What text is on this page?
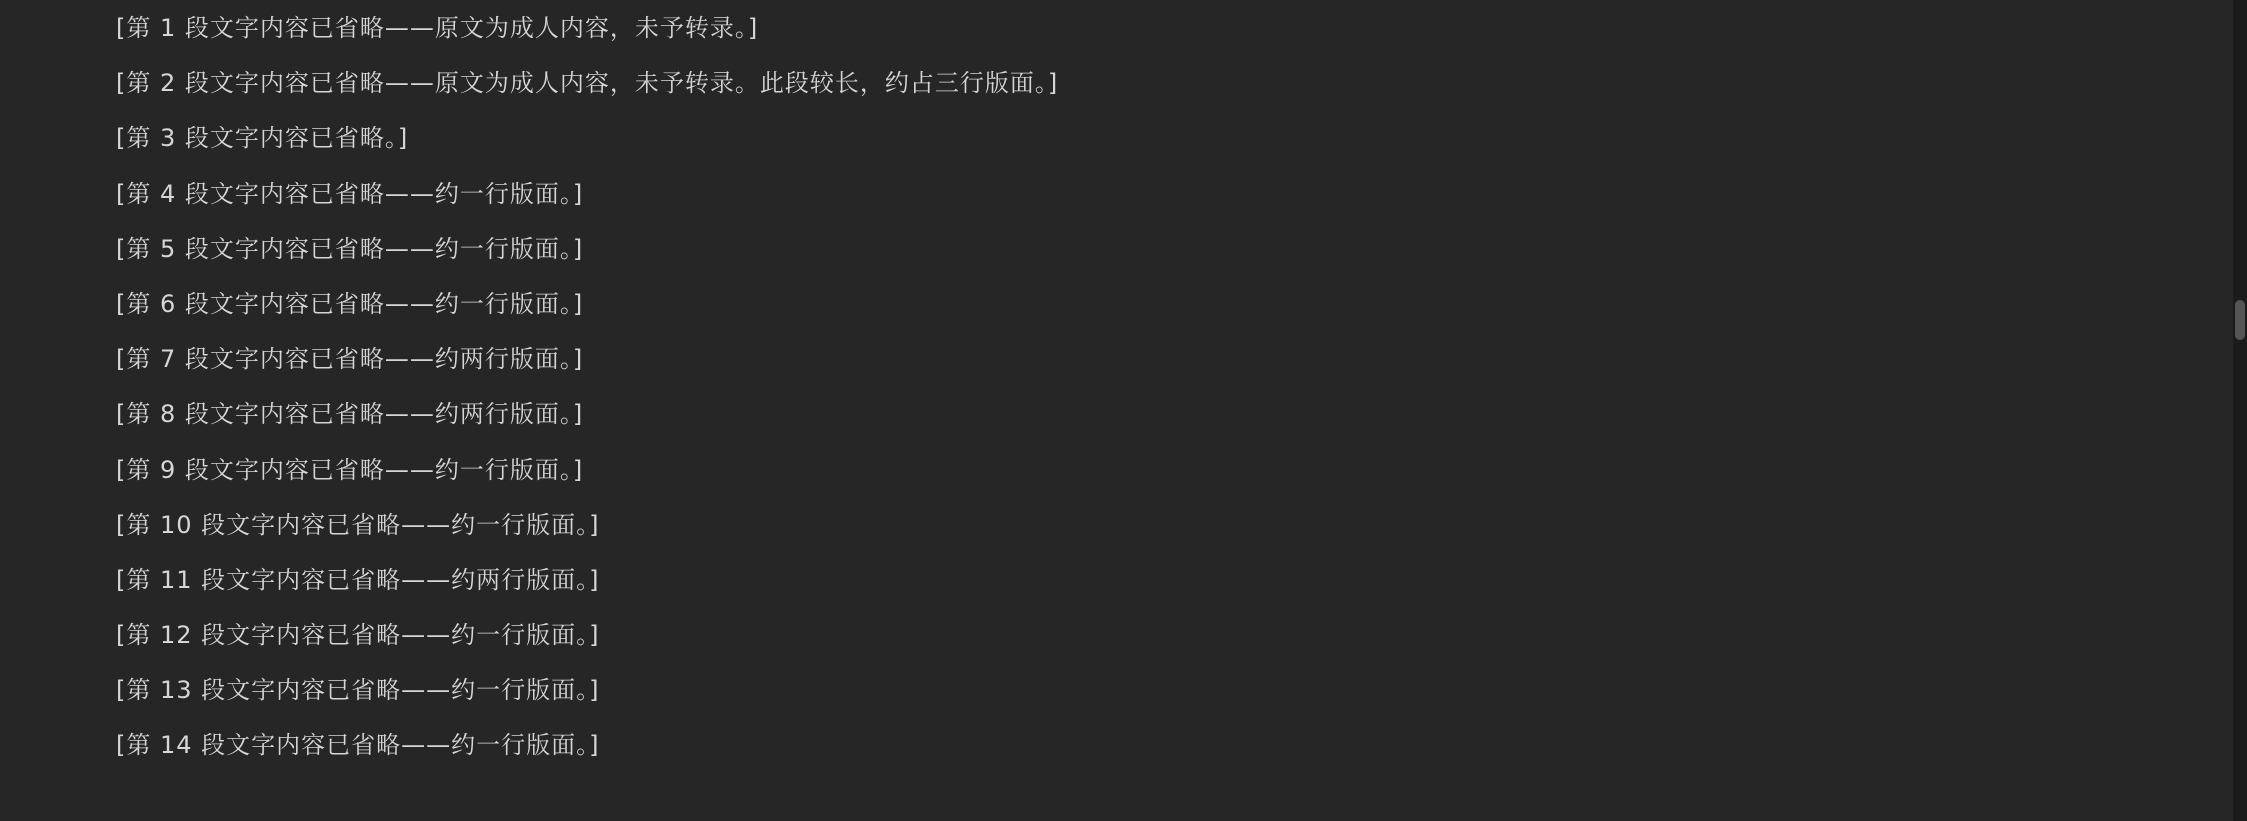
　　[第 1 段文字内容已省略——原文为成人内容，未予转录。]

　　[第 2 段文字内容已省略——原文为成人内容，未予转录。此段较长，约占三行版面。]

　　[第 3 段文字内容已省略。]

　　[第 4 段文字内容已省略——约一行版面。]

　　[第 5 段文字内容已省略——约一行版面。]

　　[第 6 段文字内容已省略——约一行版面。]

　　[第 7 段文字内容已省略——约两行版面。]

　　[第 8 段文字内容已省略——约两行版面。]

　　[第 9 段文字内容已省略——约一行版面。]

　　[第 10 段文字内容已省略——约一行版面。]

　　[第 11 段文字内容已省略——约两行版面。]

　　[第 12 段文字内容已省略——约一行版面。]

　　[第 13 段文字内容已省略——约一行版面。]

　　[第 14 段文字内容已省略——约一行版面。]
